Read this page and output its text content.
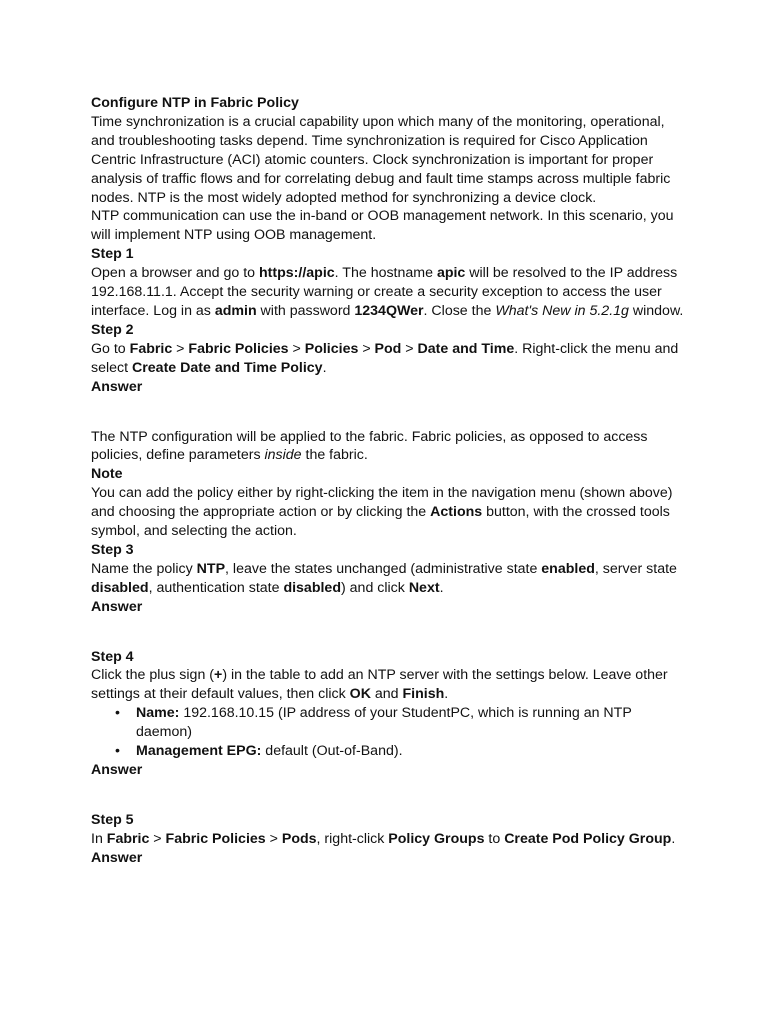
Configure NTP in Fabric Policy

Time synchronization is a crucial capability upon which many of the monitoring, operational, and troubleshooting tasks depend. Time synchronization is required for Cisco Application Centric Infrastructure (ACI) atomic counters. Clock synchronization is important for proper analysis of traffic flows and for correlating debug and fault time stamps across multiple fabric nodes. NTP is the most widely adopted method for synchronizing a device clock.

NTP communication can use the in-band or OOB management network. In this scenario, you will implement NTP using OOB management.

Step 1

Open a browser and go to https://apic. The hostname apic will be resolved to the IP address 192.168.11.1. Accept the security warning or create a security exception to access the user interface. Log in as admin with password 1234QWer. Close the What's New in 5.2.1g window.

Step 2

Go to Fabric > Fabric Policies > Policies > Pod > Date and Time. Right-click the menu and select Create Date and Time Policy.

Answer

The NTP configuration will be applied to the fabric. Fabric policies, as opposed to access policies, define parameters inside the fabric.

Note

You can add the policy either by right-clicking the item in the navigation menu (shown above) and choosing the appropriate action or by clicking the Actions button, with the crossed tools symbol, and selecting the action.

Step 3

Name the policy NTP, leave the states unchanged (administrative state enabled, server state disabled, authentication state disabled) and click Next.

Answer

Step 4

Click the plus sign (+) in the table to add an NTP server with the settings below. Leave other settings at their default values, then click OK and Finish.

• Name: 192.168.10.15 (IP address of your StudentPC, which is running an NTP daemon)
• Management EPG: default (Out-of-Band).

Answer

Step 5

In Fabric > Fabric Policies > Pods, right-click Policy Groups to Create Pod Policy Group.

Answer
